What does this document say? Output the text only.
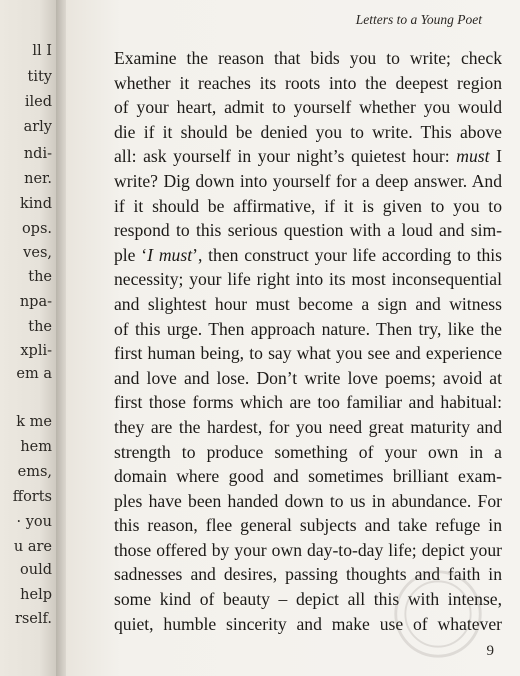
ll I
tity
iled
arly
ndi-
ner.
kind
ops.
ves,
the
npa-
the
xpli-
em a
k me
hem
ems,
fforts
· you
u are
ould
help
rself.
Letters to a Young Poet
Examine the reason that bids you to write; check
whether it reaches its roots into the deepest region
of your heart, admit to yourself whether you would
die if it should be denied you to write. This above
all: ask yourself in your night’s quietest hour: must I
write? Dig down into yourself for a deep answer. And
if it should be affirmative, if it is given to you to
respond to this serious question with a loud and sim-
ple ‘I must’, then construct your life according to this
necessity; your life right into its most inconsequential
and slightest hour must become a sign and witness
of this urge. Then approach nature. Then try, like the
first human being, to say what you see and experience
and love and lose. Don’t write love poems; avoid at
first those forms which are too familiar and habitual:
they are the hardest, for you need great maturity and
strength to produce something of your own in a
domain where good and sometimes brilliant exam-
ples have been handed down to us in abundance. For
this reason, flee general subjects and take refuge in
those offered by your own day-to-day life; depict your
sadnesses and desires, passing thoughts and faith in
some kind of beauty – depict all this with intense,
quiet, humble sincerity and make use of whatever
9
